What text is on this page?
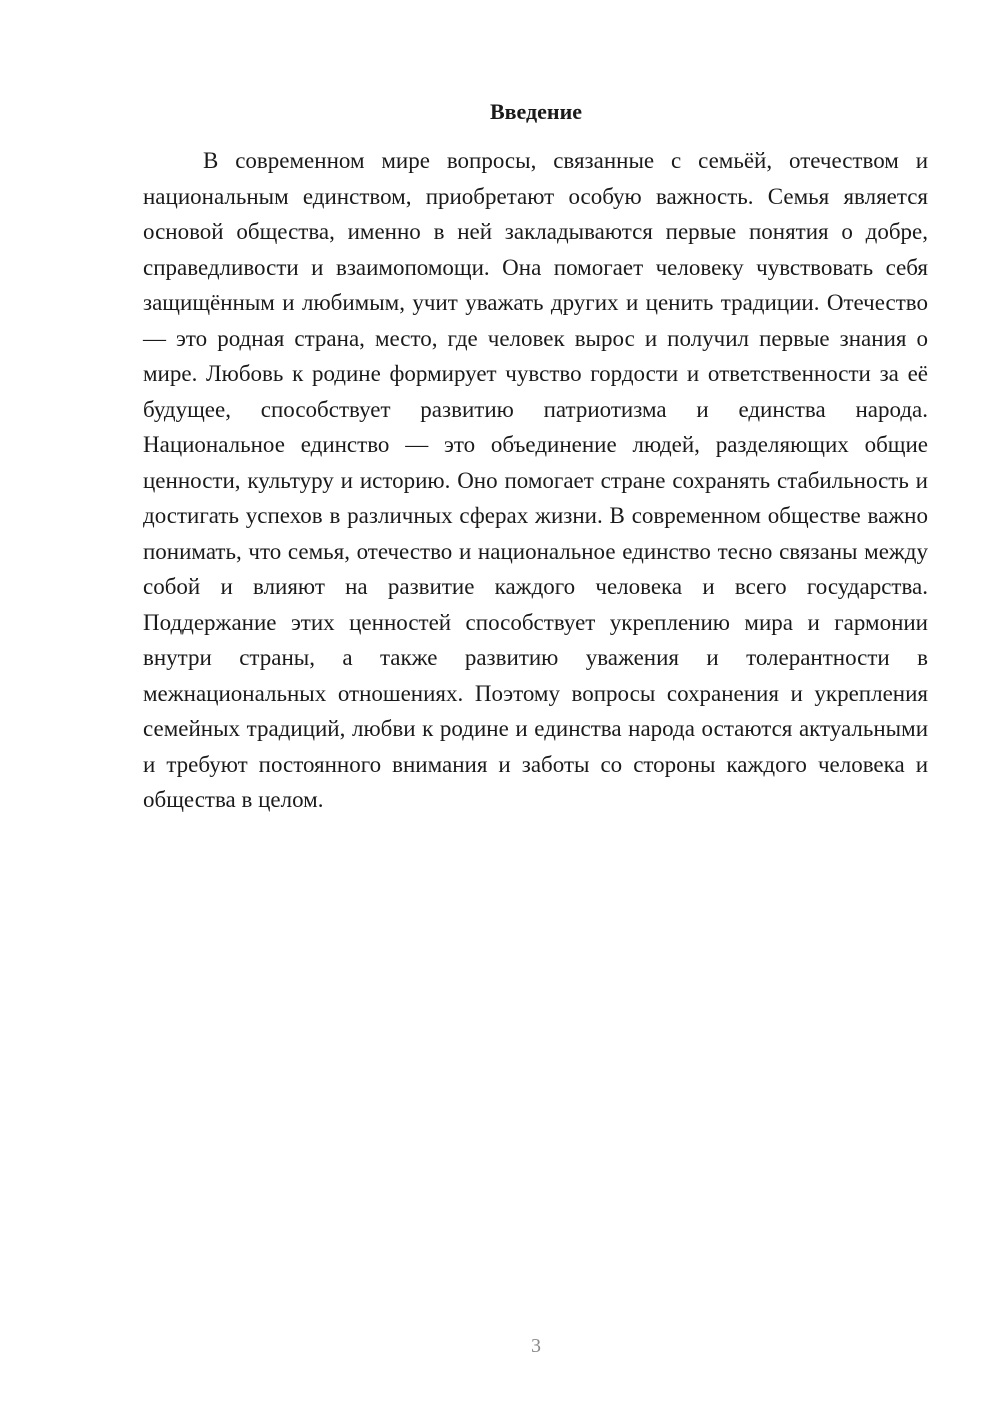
Введение

В современном мире вопросы, связанные с семьёй, отечеством и национальным единством, приобретают особую важность. Семья является основой общества, именно в ней закладываются первые понятия о добре, справедливости и взаимопомощи. Она помогает человеку чувствовать себя защищённым и любимым, учит уважать других и ценить традиции. Отечество — это родная страна, место, где человек вырос и получил первые знания о мире. Любовь к родине формирует чувство гордости и ответственности за её будущее, способствует развитию патриотизма и единства народа. Национальное единство — это объединение людей, разделяющих общие ценности, культуру и историю. Оно помогает стране сохранять стабильность и достигать успехов в различных сферах жизни. В современном обществе важно понимать, что семья, отечество и национальное единство тесно связаны между собой и влияют на развитие каждого человека и всего государства. Поддержание этих ценностей способствует укреплению мира и гармонии внутри страны, а также развитию уважения и толерантности в межнациональных отношениях. Поэтому вопросы сохранения и укрепления семейных традиций, любви к родине и единства народа остаются актуальными и требуют постоянного внимания и заботы со стороны каждого человека и общества в целом.

3
